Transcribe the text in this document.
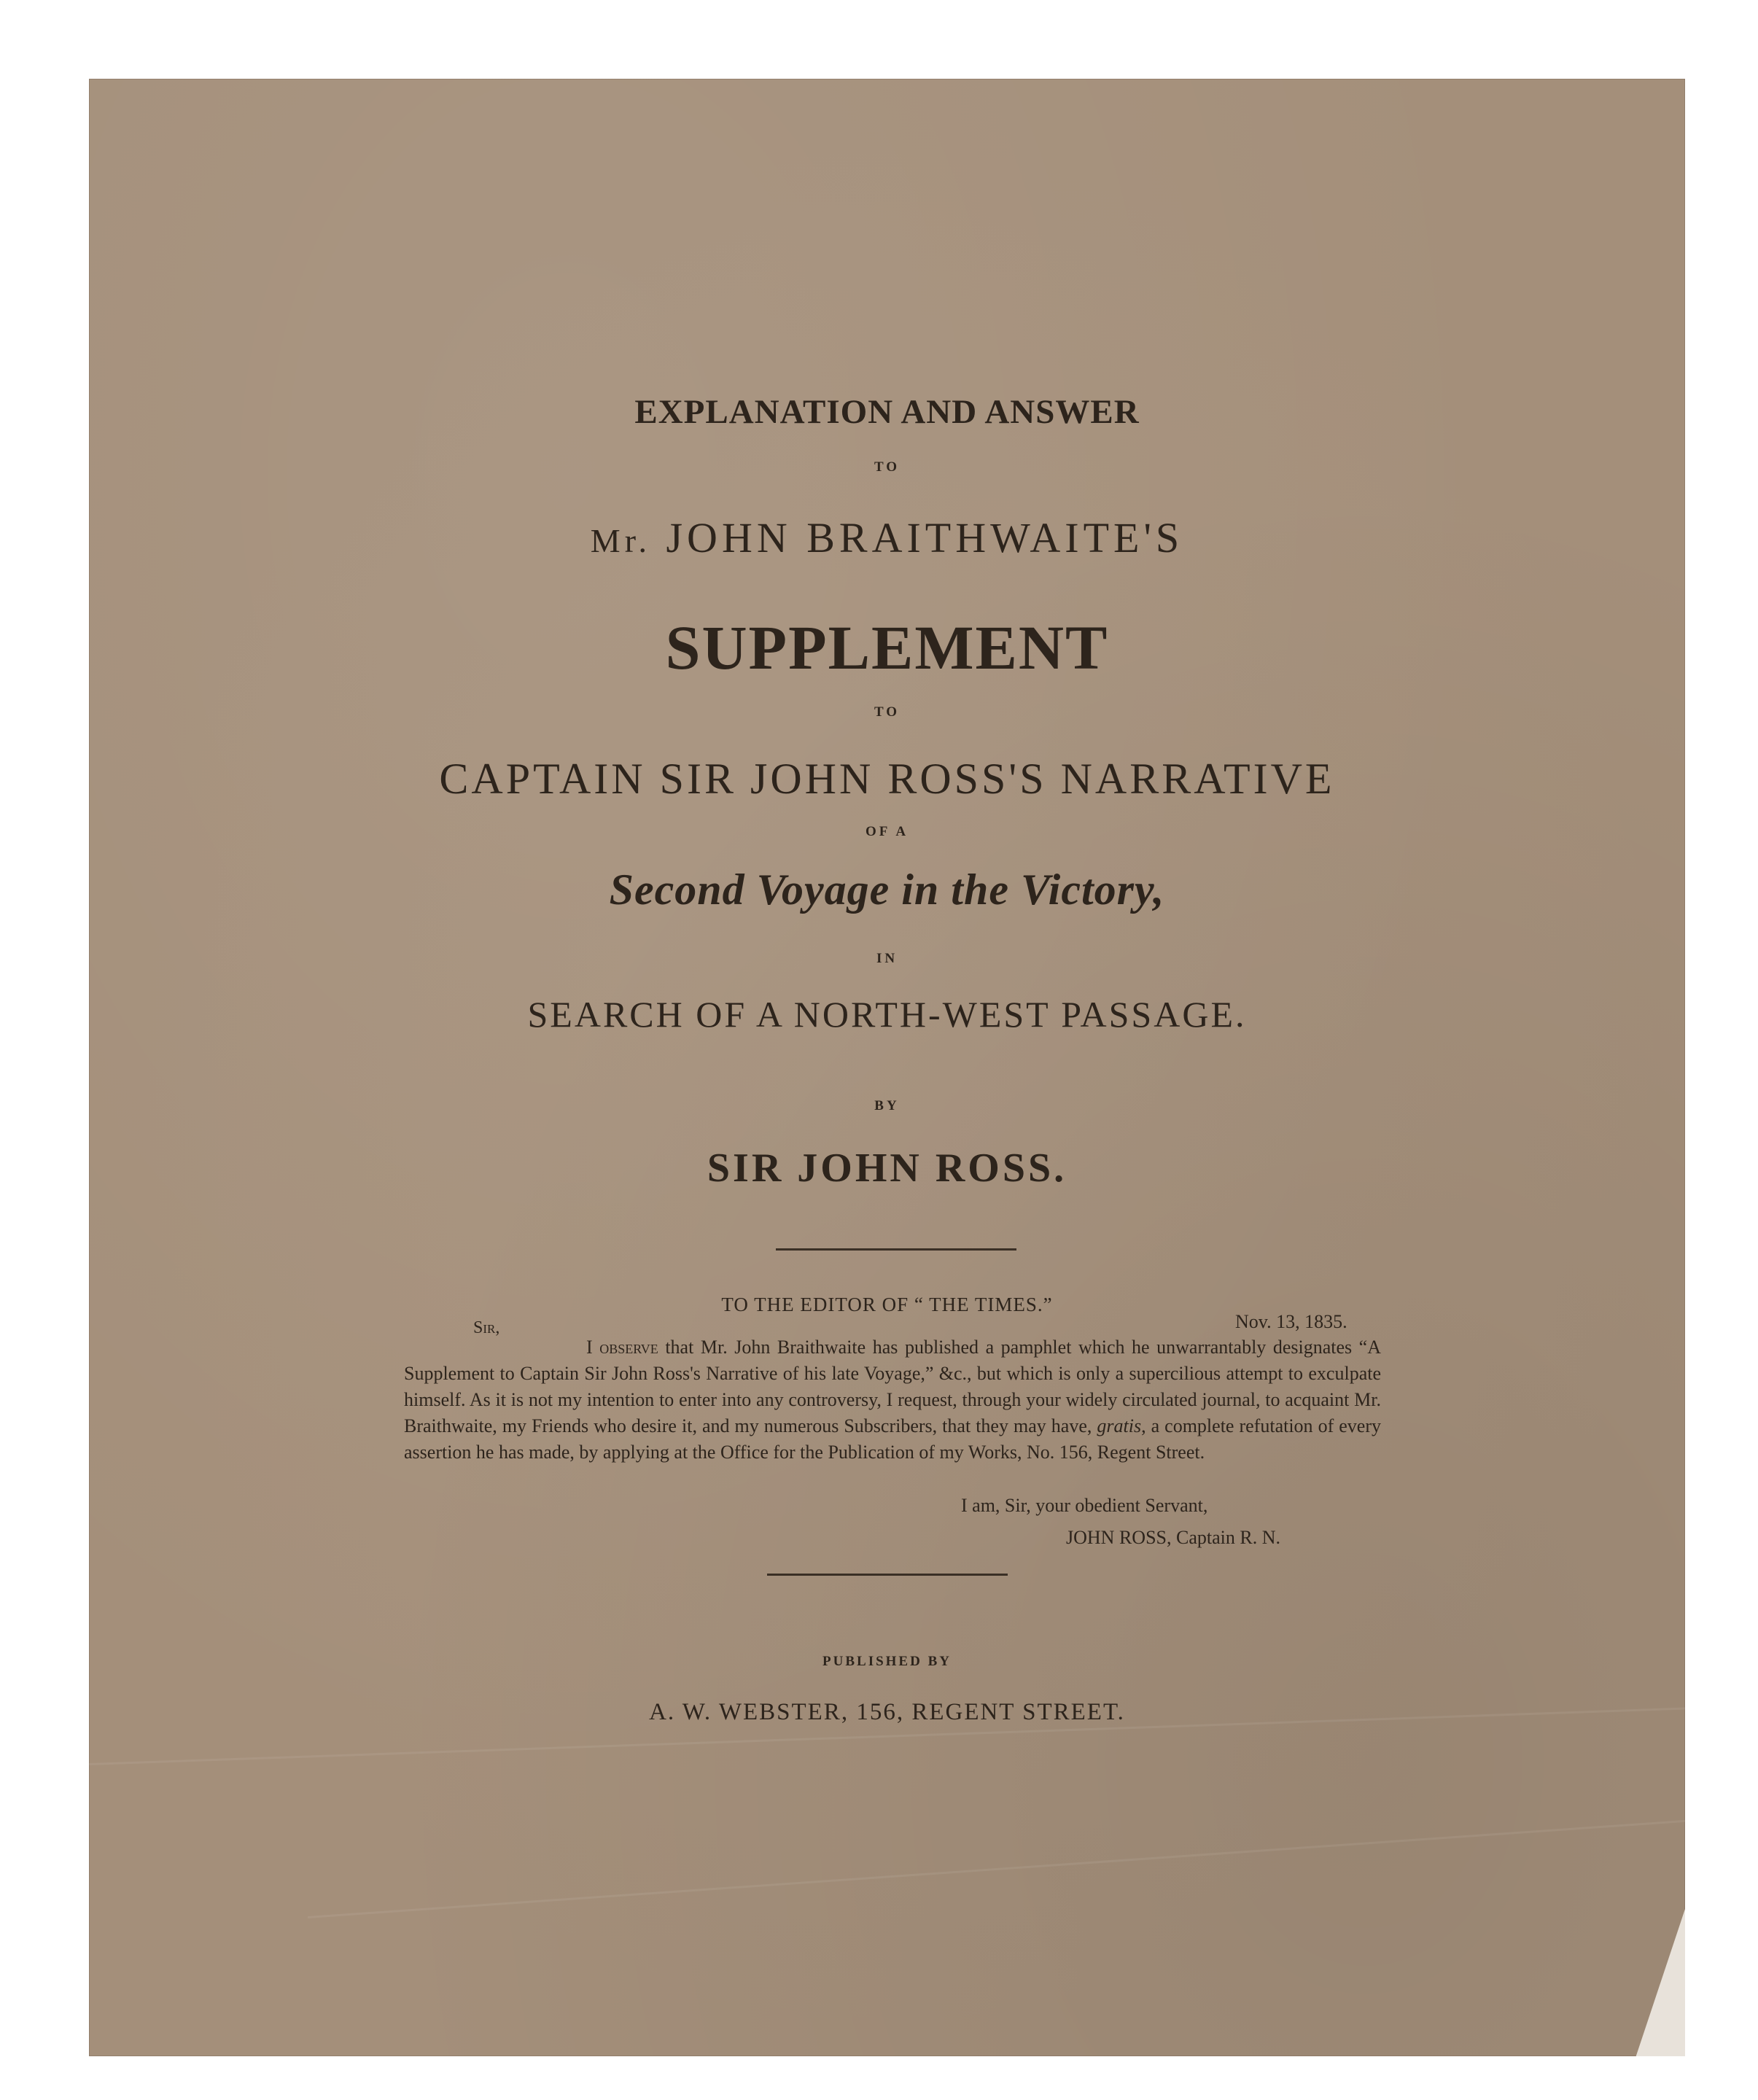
EXPLANATION AND ANSWER
TO
Mr. JOHN BRAITHWAITE'S
SUPPLEMENT
TO
CAPTAIN SIR JOHN ROSS'S NARRATIVE
OF A
Second Voyage in the Victory,
IN
SEARCH OF A NORTH-WEST PASSAGE.
BY
SIR JOHN ROSS.
TO THE EDITOR OF “ THE TIMES.”
Sir,	Nov. 13, 1835.
I observe that Mr. John Braithwaite has published a pamphlet which he unwarrantably designates “A Supplement to Captain Sir John Ross's Narrative of his late Voyage,” &c., but which is only a supercilious attempt to exculpate himself. As it is not my intention to enter into any controversy, I request, through your widely circulated journal, to acquaint Mr. Braithwaite, my Friends who desire it, and my numerous Subscribers, that they may have, gratis, a complete refutation of every assertion he has made, by applying at the Office for the Publication of my Works, No. 156, Regent Street.
I am, Sir, your obedient Servant,
JOHN ROSS, Captain R. N.
PUBLISHED BY
A. W. WEBSTER, 156, REGENT STREET.
